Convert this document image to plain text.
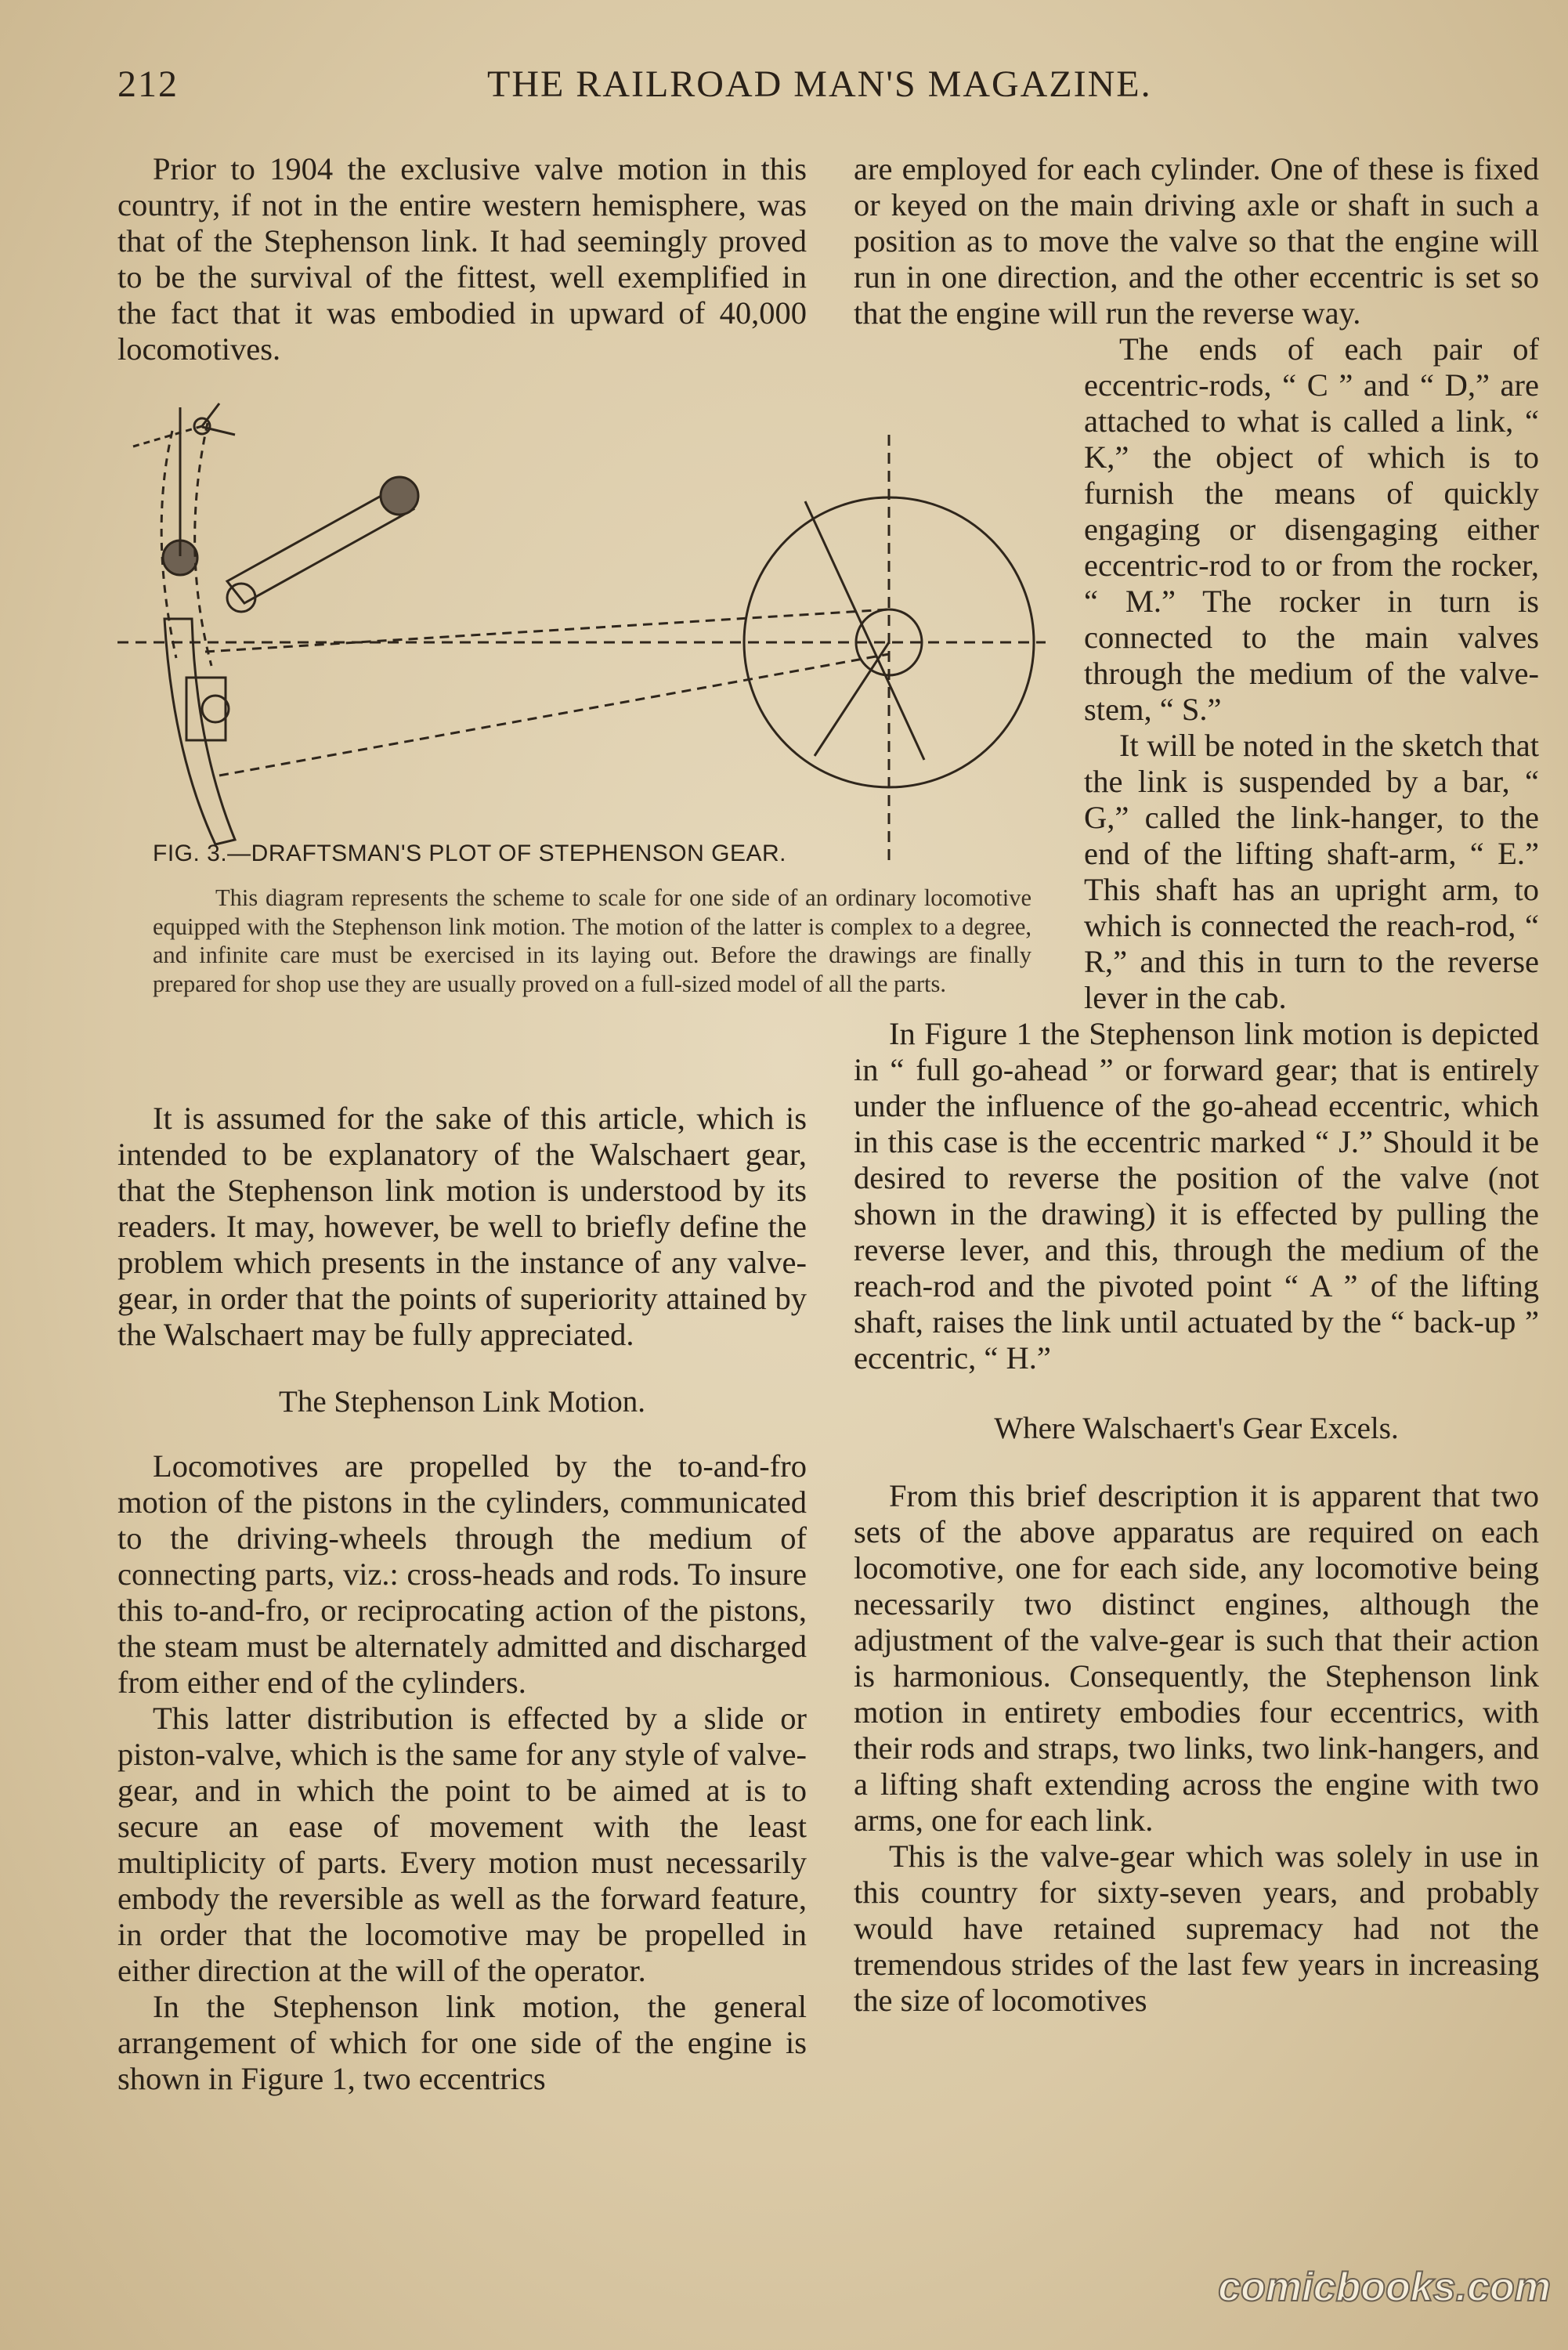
212	THE RAILROAD MAN'S MAGAZINE.

Prior to 1904 the exclusive valve motion in this country, if not in the entire western hemisphere, was that of the Stephenson link. It had seemingly proved to be the survival of the fittest, well exemplified in the fact that it was embodied in upward of 40,000 locomotives.

FIG. 3.—DRAFTSMAN'S PLOT OF STEPHENSON GEAR.
This diagram represents the scheme to scale for one side of an ordinary locomotive equipped with the Stephenson link motion. The motion of the latter is complex to a degree, and infinite care must be exercised in its laying out. Before the drawings are finally prepared for shop use they are usually proved on a full-sized model of all the parts.

It is assumed for the sake of this article, which is intended to be explanatory of the Walschaert gear, that the Stephenson link motion is understood by its readers. It may, however, be well to briefly define the problem which presents in the instance of any valve-gear, in order that the points of superiority attained by the Walschaert may be fully appreciated.

The Stephenson Link Motion.

Locomotives are propelled by the to-and-fro motion of the pistons in the cylinders, communicated to the driving-wheels through the medium of connecting parts, viz.: cross-heads and rods. To insure this to-and-fro, or reciprocating action of the pistons, the steam must be alternately admitted and discharged from either end of the cylinders.

This latter distribution is effected by a slide or piston-valve, which is the same for any style of valve-gear, and in which the point to be aimed at is to secure an ease of movement with the least multiplicity of parts. Every motion must necessarily embody the reversible as well as the forward feature, in order that the locomotive may be propelled in either direction at the will of the operator.

In the Stephenson link motion, the general arrangement of which for one side of the engine is shown in Figure 1, two eccentrics

are employed for each cylinder. One of these is fixed or keyed on the main driving axle or shaft in such a position as to move the valve so that the engine will run in one direction, and the other eccentric is set so that the engine will run the reverse way.

The ends of each pair of eccentric-rods, “ C ” and “ D,” are attached to what is called a link, “ K,” the object of which is to furnish the means of quickly engaging or disengaging either eccentric-rod to or from the rocker, “ M.” The rocker in turn is connected to the main valves through the medium of the valve-stem, “ S.”

It will be noted in the sketch that the link is suspended by a bar, “ G,” called the link-hanger, to the end of the lifting shaft-arm, “ E.” This shaft has an upright arm, to which is connected the reach-rod, “ R,” and this in turn to the reverse lever in the cab.

In Figure 1 the Stephenson link motion is depicted in “ full go-ahead ” or forward gear; that is entirely under the influence of the go-ahead eccentric, which in this case is the eccentric marked “ J.” Should it be desired to reverse the position of the valve (not shown in the drawing) it is effected by pulling the reverse lever, and this, through the medium of the reach-rod and the pivoted point “ A ” of the lifting shaft, raises the link until actuated by the “ back-up ” eccentric, “ H.”

Where Walschaert's Gear Excels.

From this brief description it is apparent that two sets of the above apparatus are required on each locomotive, one for each side, any locomotive being necessarily two distinct engines, although the adjustment of the valve-gear is such that their action is harmonious. Consequently, the Stephenson link motion in entirety embodies four eccentrics, with their rods and straps, two links, two link-hangers, and a lifting shaft extending across the engine with two arms, one for each link.

This is the valve-gear which was solely in use in this country for sixty-seven years, and probably would have retained supremacy had not the tremendous strides of the last few years in increasing the size of locomotives

comicbooks.com
